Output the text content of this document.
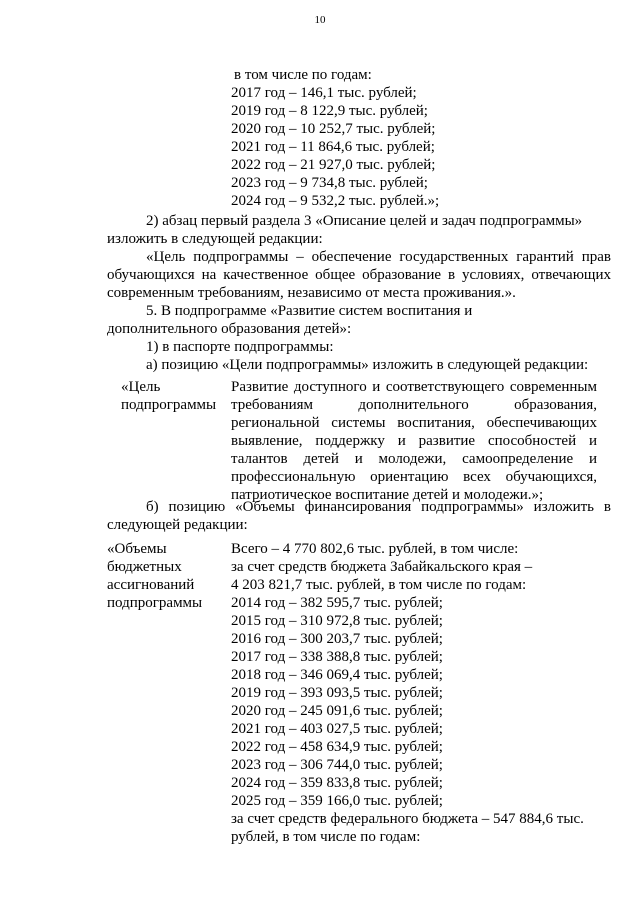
10
в том числе по годам:
2017 год – 146,1 тыс. рублей;
2019 год – 8 122,9 тыс. рублей;
2020 год – 10 252,7 тыс. рублей;
2021 год – 11 864,6 тыс. рублей;
2022 год – 21 927,0 тыс. рублей;
2023 год – 9 734,8 тыс. рублей;
2024 год – 9 532,2 тыс. рублей.»;
2) абзац первый раздела 3 «Описание целей и задач подпрограммы»
изложить в следующей редакции:
«Цель подпрограммы – обеспечение государственных гарантий прав
обучающихся на качественное общее образование в условиях, отвечающих
современным требованиям, независимо от места проживания.».
5. В подпрограмме «Развитие систем воспитания и
дополнительного образования детей»:
1) в паспорте подпрограммы:
а) позицию «Цели подпрограммы» изложить в следующей редакции:
«Цель
подпрограммы
Развитие доступного и соответствующего современным
требованиям дополнительного образования,
региональной системы воспитания, обеспечивающих
выявление, поддержку и развитие способностей и
талантов детей и молодежи, самоопределение и
профессиональную ориентацию всех обучающихся,
патриотическое воспитание детей и молодежи.»;
б) позицию «Объемы финансирования подпрограммы» изложить в
следующей редакции:
«Объемы
бюджетных
ассигнований
подпрограммы
Всего – 4 770 802,6 тыс. рублей, в том числе:
за счет средств бюджета Забайкальского края –
4 203 821,7 тыс. рублей, в том числе по годам:
2014 год – 382 595,7 тыс. рублей;
2015 год – 310 972,8 тыс. рублей;
2016 год – 300 203,7 тыс. рублей;
2017 год – 338 388,8 тыс. рублей;
2018 год – 346 069,4 тыс. рублей;
2019 год – 393 093,5 тыс. рублей;
2020 год – 245 091,6 тыс. рублей;
2021 год – 403 027,5 тыс. рублей;
2022 год – 458 634,9 тыс. рублей;
2023 год – 306 744,0 тыс. рублей;
2024 год – 359 833,8 тыс. рублей;
2025 год – 359 166,0 тыс. рублей;
за счет средств федерального бюджета – 547 884,6 тыс.
рублей, в том числе по годам:
